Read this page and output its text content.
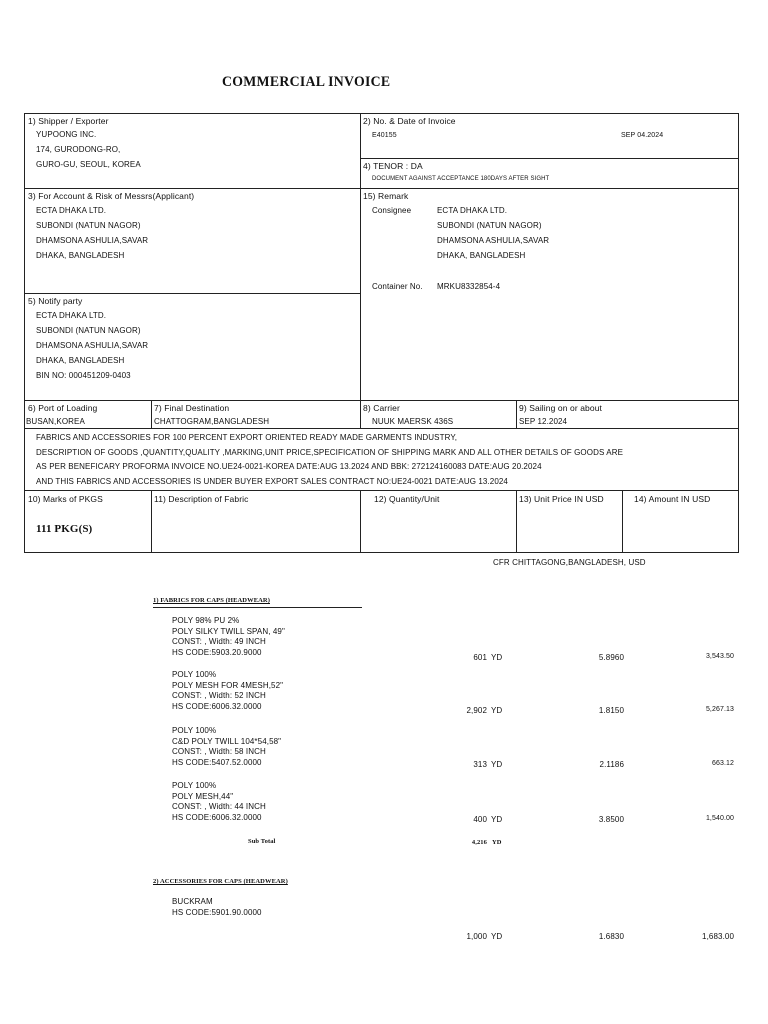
COMMERCIAL INVOICE
1) Shipper / Exporter
YUPOONG INC.
174, GURODONG-RO,
GURO-GU, SEOUL, KOREA
2) No. & Date of Invoice
E40155	SEP 04.2024
4) TENOR : DA
DOCUMENT AGAINST ACCEPTANCE 180DAYS AFTER SIGHT
3) For Account & Risk of Messrs(Applicant)
ECTA DHAKA LTD.
SUBONDI (NATUN NAGOR)
DHAMSONA ASHULIA,SAVAR
DHAKA, BANGLADESH
15) Remark
Consignee	ECTA DHAKA LTD.
SUBONDI (NATUN NAGOR)
DHAMSONA ASHULIA,SAVAR
DHAKA, BANGLADESH
Container No. MRKU8332854-4
5) Notify party
ECTA DHAKA LTD.
SUBONDI (NATUN NAGOR)
DHAMSONA ASHULIA,SAVAR
DHAKA, BANGLADESH
BIN NO: 000451209-0403
6) Port of Loading
BUSAN,KOREA
7) Final Destination
CHATTOGRAM,BANGLADESH
8) Carrier
NUUK MAERSK 436S
9) Sailing on or about
SEP 12.2024
FABRICS AND ACCESSORIES FOR 100 PERCENT EXPORT ORIENTED READY MADE GARMENTS INDUSTRY,
DESCRIPTION OF GOODS ,QUANTITY,QUALITY ,MARKING,UNIT PRICE,SPECIFICATION OF SHIPPING MARK AND ALL OTHER DETAILS OF GOODS ARE
AS PER BENEFICARY PROFORMA INVOICE NO.UE24-0021-KOREA DATE:AUG 13.2024 AND BBK: 272124160083 DATE:AUG 20.2024
AND THIS FABRICS AND ACCESSORIES IS UNDER BUYER EXPORT SALES CONTRACT NO:UE24-0021 DATE:AUG 13.2024
10) Marks of PKGS	11) Description of Fabric	12) Quantity/Unit	13) Unit Price IN USD	14) Amount IN USD
111 PKG(S)
CFR CHITTAGONG,BANGLADESH, USD
1) FABRICS FOR CAPS (HEADWEAR)
POLY 98% PU 2%
POLY SILKY TWILL SPAN, 49"
CONST: , Width: 49 INCH
HS CODE:5903.20.9000
601 YD	5.8960	3,543.50
POLY 100%
POLY MESH FOR 4MESH,52"
CONST: , Width: 52 INCH
HS CODE:6006.32.0000	2,902 YD	1.8150	5,267.13
POLY 100%
C&D POLY TWILL 104*54,58"
CONST: , Width: 58 INCH
HS CODE:5407.52.0000	313 YD	2.1186	663.12
POLY 100%
POLY MESH,44"
CONST: , Width: 44 INCH
HS CODE:6006.32.0000	400 YD	3.8500	1,540.00
Sub Total	4,216 YD
2) ACCESSORIES FOR CAPS (HEADWEAR)
BUCKRAM
HS CODE:5901.90.0000
1,000 YD	1.6830	1,683.00
